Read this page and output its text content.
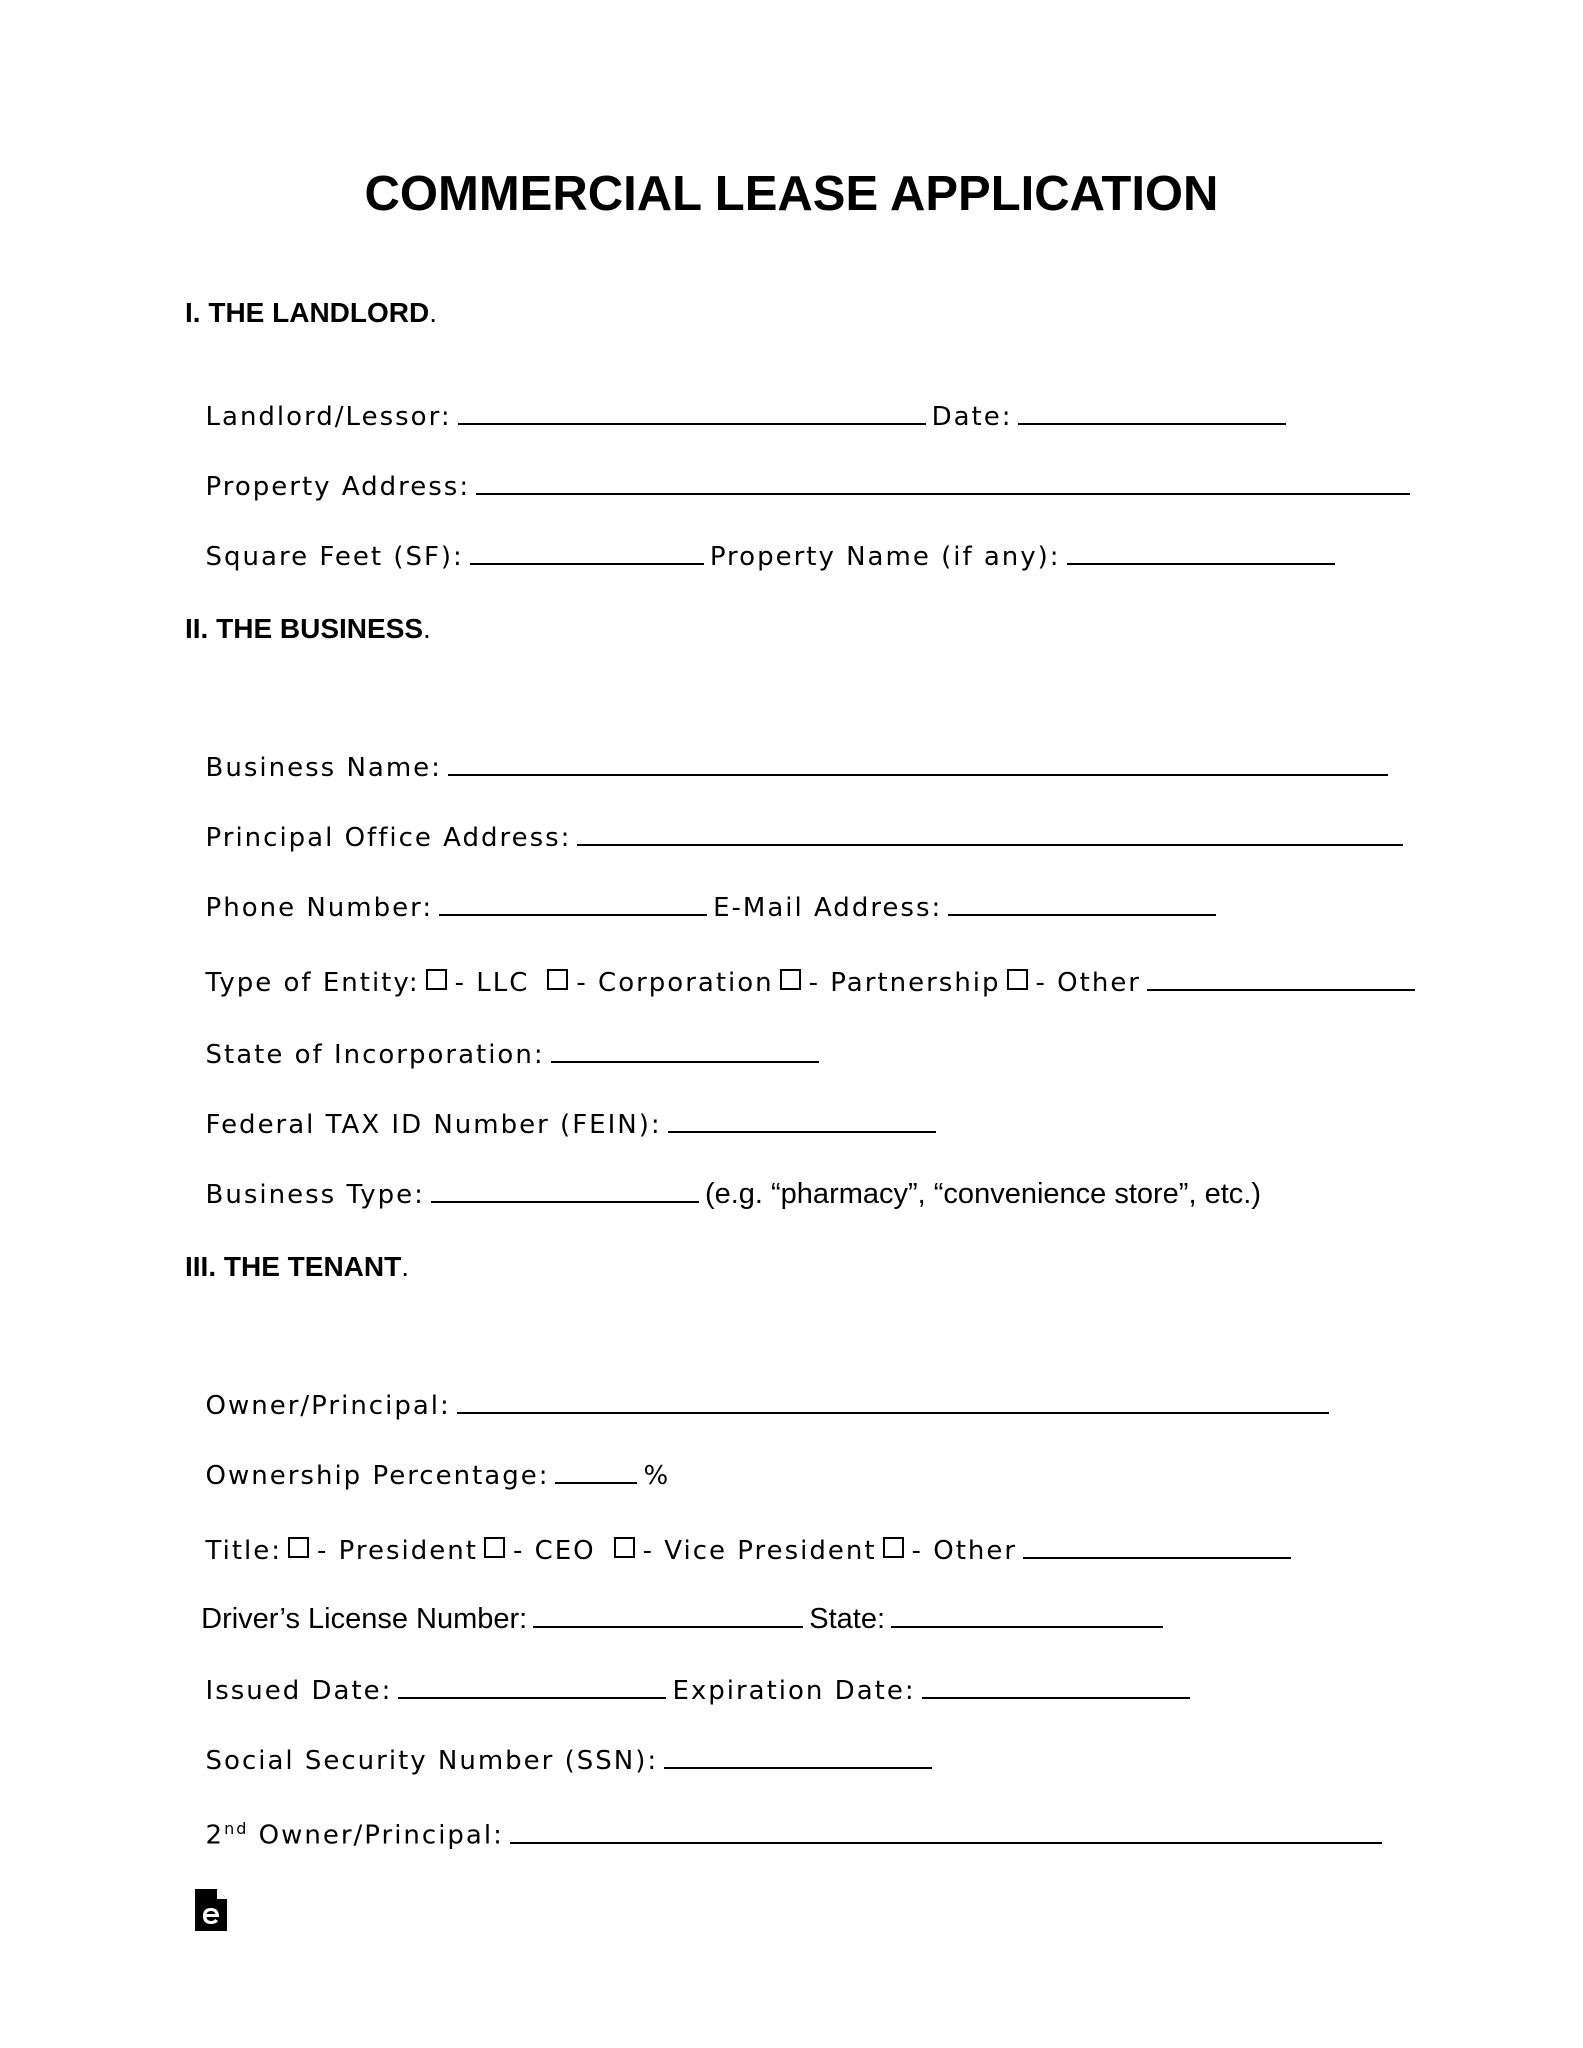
COMMERCIAL LEASE APPLICATION
I. THE LANDLORD.

Landlord/Lessor:	Date:

Property Address:

Square Feet (SF):	Property Name (if any):

II. THE BUSINESS.

Business Name:

Principal Office Address:

Phone Number:	E-Mail Address:

Type of Entity: - LLC - Corporation - Partnership - Other

State of Incorporation:

Federal TAX ID Number (FEIN):

Business Type:	(e.g. “pharmacy”, “convenience store”, etc.)

III. THE TENANT.

Owner/Principal:

Ownership Percentage:	%

Title: - President - CEO - Vice President - Other

Driver’s License Number:	State:

Issued Date:	Expiration Date:

Social Security Number (SSN):

2nd Owner/Principal:
